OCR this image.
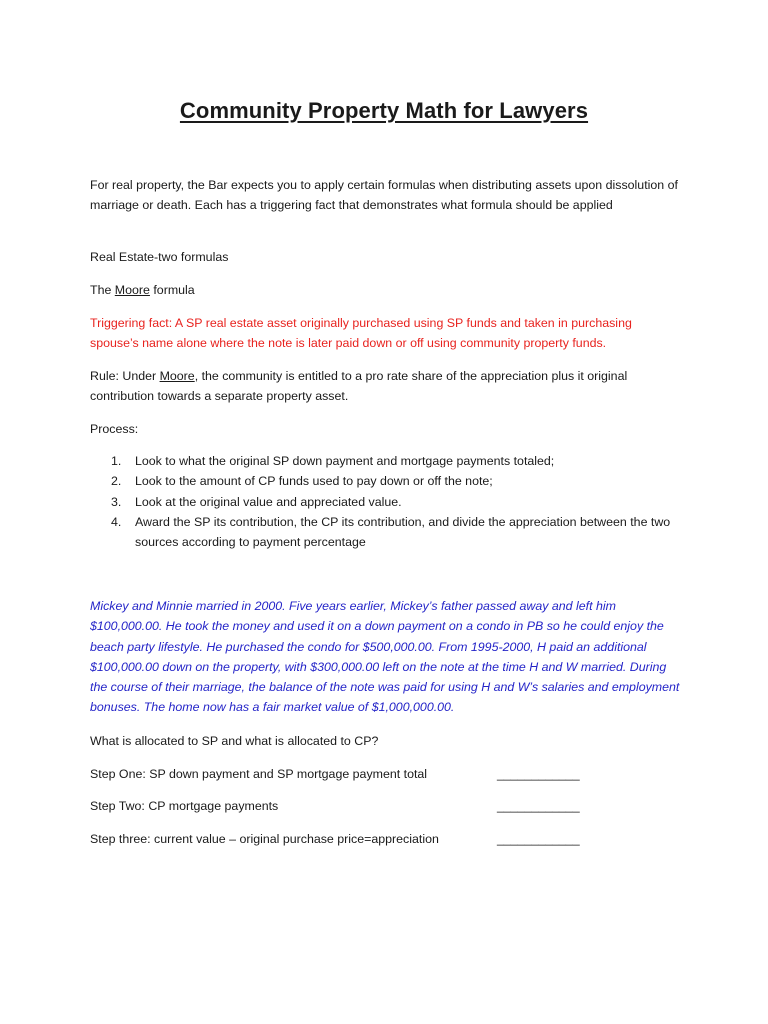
Community Property Math for Lawyers
For real property, the Bar expects you to apply certain formulas when distributing assets upon dissolution of marriage or death. Each has a triggering fact that demonstrates what formula should be applied
Real Estate-two formulas
The Moore formula
Triggering fact: A SP real estate asset originally purchased using SP funds and taken in purchasing spouse’s name alone where the note is later paid down or off using community property funds.
Rule: Under Moore, the community is entitled to a pro rate share of the appreciation plus it original contribution towards a separate property asset.
Process:
1. Look to what the original SP down payment and mortgage payments totaled;
2. Look to the amount of CP funds used to pay down or off the note;
3. Look at the original value and appreciated value.
4. Award the SP its contribution, the CP its contribution, and divide the appreciation between the two sources according to payment percentage
Mickey and Minnie married in 2000. Five years earlier, Mickey’s father passed away and left him $100,000.00. He took the money and used it on a down payment on a condo in PB so he could enjoy the beach party lifestyle. He purchased the condo for $500,000.00. From 1995-2000, H paid an additional $100,000.00 down on the property, with $300,000.00 left on the note at the time H and W married. During the course of their marriage, the balance of the note was paid for using H and W’s salaries and employment bonuses. The home now has a fair market value of $1,000,000.00.
What is allocated to SP and what is allocated to CP?
Step One: SP down payment and SP mortgage payment total	____________
Step Two: CP mortgage payments	____________
Step three: current value – original purchase price=appreciation	____________
